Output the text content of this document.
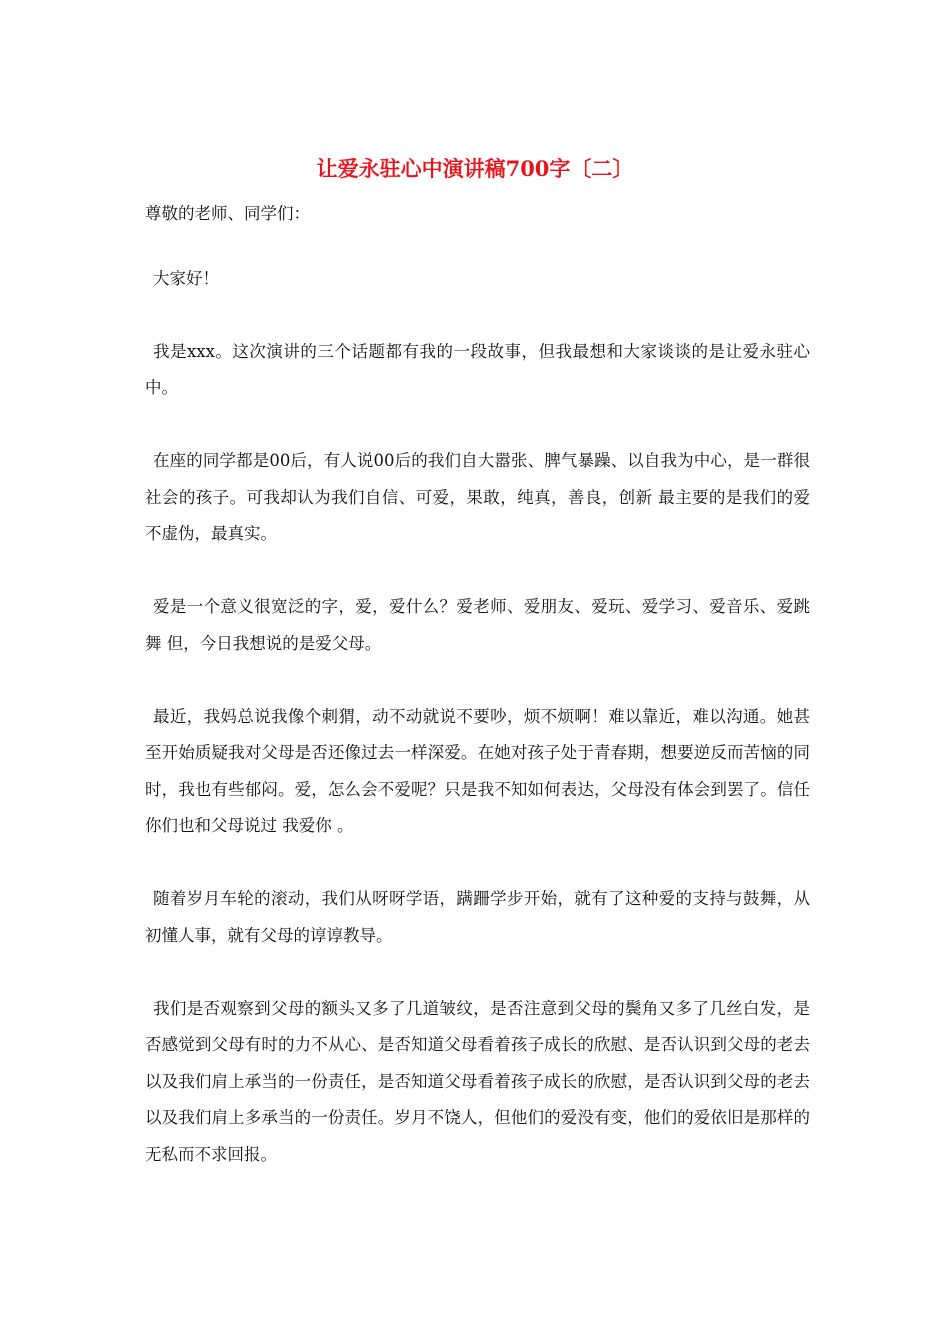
让爱永驻心中演讲稿700字〔二〕

尊敬的老师、同学们：

大家好！

我是xxx。这次演讲的三个话题都有我的一段故事，但我最想和大家谈谈的是让爱永驻心中。

在座的同学都是00后，有人说00后的我们自大嚣张、脾气暴躁、以自我为中心，是一群很社会的孩子。可我却认为我们自信、可爱，果敢，纯真，善良，创新 最主要的是我们的爱不虚伪，最真实。

爱是一个意义很宽泛的字，爱，爱什么？爱老师、爱朋友、爱玩、爱学习、爱音乐、爱跳舞 但，今日我想说的是爱父母。

最近，我妈总说我像个刺猬，动不动就说不要吵，烦不烦啊！难以靠近，难以沟通。她甚至开始质疑我对父母是否还像过去一样深爱。在她对孩子处于青春期，想要逆反而苦恼的同时，我也有些郁闷。爱，怎么会不爱呢？只是我不知如何表达，父母没有体会到罢了。信任你们也和父母说过 我爱你 。

随着岁月车轮的滚动，我们从呀呀学语，蹒跚学步开始，就有了这种爱的支持与鼓舞，从初懂人事，就有父母的谆谆教导。

我们是否观察到父母的额头又多了几道皱纹，是否注意到父母的鬓角又多了几丝白发，是否感觉到父母有时的力不从心、是否知道父母看着孩子成长的欣慰、是否认识到父母的老去以及我们肩上承当的一份责任，是否知道父母看着孩子成长的欣慰，是否认识到父母的老去以及我们肩上多承当的一份责任。岁月不饶人，但他们的爱没有变，他们的爱依旧是那样的无私而不求回报。
